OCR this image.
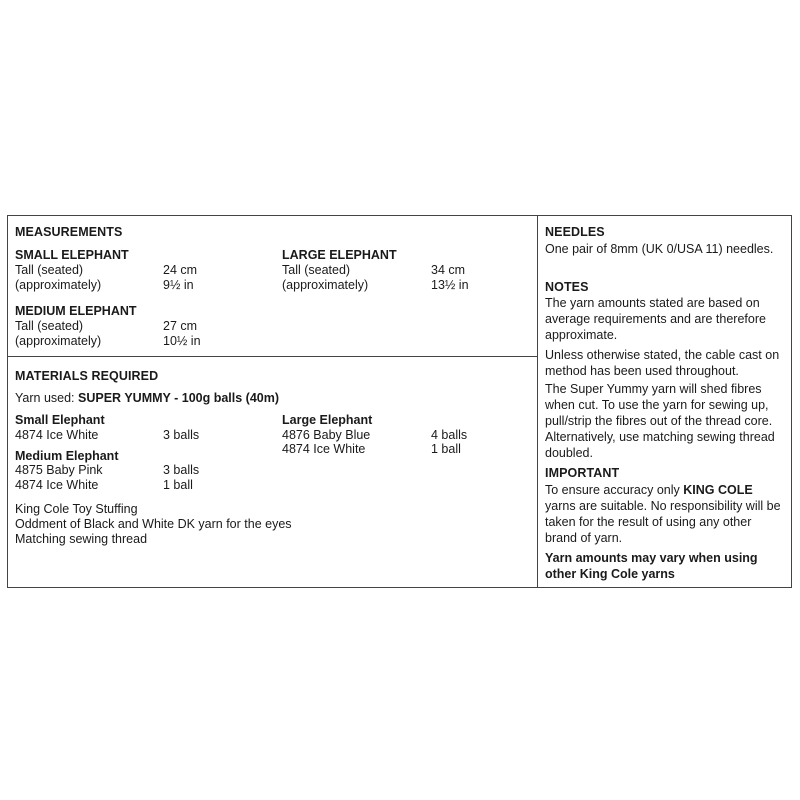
MEASUREMENTS
SMALL ELEPHANT
Tall (seated)	24 cm
(approximately)	9½ in
MEDIUM ELEPHANT
Tall (seated)	27 cm
(approximately)	10½ in
LARGE ELEPHANT
Tall (seated)	34 cm
(approximately)	13½ in
MATERIALS REQUIRED
Yarn used: SUPER YUMMY - 100g balls (40m)
Small Elephant
4874 Ice White	3 balls
Medium Elephant
4875 Baby Pink	3 balls
4874 Ice White	1 ball
Large Elephant
4876 Baby Blue	4 balls
4874 Ice White	1 ball
King Cole Toy Stuffing
Oddment of Black and White DK yarn for the eyes
Matching sewing thread
NEEDLES
One pair of 8mm (UK 0/USA 11) needles.
NOTES
The yarn amounts stated are based on average requirements and are therefore approximate.
Unless otherwise stated, the cable cast on method has been used throughout.
The Super Yummy yarn will shed fibres when cut. To use the yarn for sewing up, pull/strip the fibres out of the thread core. Alternatively, use matching sewing thread doubled.
IMPORTANT
To ensure accuracy only KING COLE yarns are suitable. No responsibility will be taken for the result of using any other brand of yarn.
Yarn amounts may vary when using other King Cole yarns
